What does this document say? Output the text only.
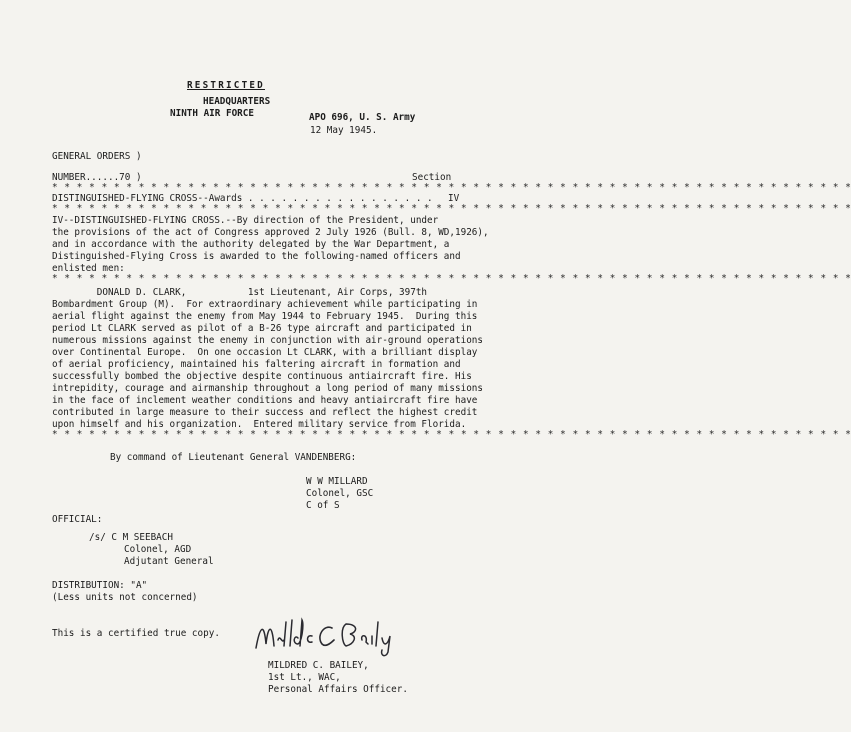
RESTRICTED
HEADQUARTERS
NINTH AIR FORCE	APO 696, U. S. Army
12 May 1945.
GENERAL ORDERS )
NUMBER......70 )	Section
* * * * * * * * * * * * * * * * * * * * * * * * * * * * * * * * * * * * * * * * * * * * * * * * * * * * * * * * * * * * * * * * *
DISTINGUISHED-FLYING CROSS--Awards . . . . . . . . . . . . . . . . . IV
* * * * * * * * * * * * * * * * * * * * * * * * * * * * * * * * * * * * * * * * * * * * * * * * * * * * * * * * * * * * * * * * *
IV--DISTINGUISHED-FLYING CROSS.--By direction of the President, under
the provisions of the act of Congress approved 2 July 1926 (Bull. 8, WD,1926),
and in accordance with the authority delegated by the War Department, a
Distinguished-Flying Cross is awarded to the following-named officers and
enlisted men:
* * * * * * * * * * * * * * * * * * * * * * * * * * * * * * * * * * * * * * * * * * * * * * * * * * * * * * * * * * * * * * * * *
DONALD D. CLARK,           1st Lieutenant, Air Corps, 397th
Bombardment Group (M).  For extraordinary achievement while participating in
aerial flight against the enemy from May 1944 to February 1945.  During this
period Lt CLARK served as pilot of a B-26 type aircraft and participated in
numerous missions against the enemy in conjunction with air-ground operations
over Continental Europe.  On one occasion Lt CLARK, with a brilliant display
of aerial proficiency, maintained his faltering aircraft in formation and
successfully bombed the objective despite continuous antiaircraft fire. His
intrepidity, courage and airmanship throughout a long period of many missions
in the face of inclement weather conditions and heavy antiaircraft fire have
contributed in large measure to their success and reflect the highest credit
upon himself and his organization.  Entered military service from Florida.
* * * * * * * * * * * * * * * * * * * * * * * * * * * * * * * * * * * * * * * * * * * * * * * * * * * * * * * * * * * * * * * * *
By command of Lieutenant General VANDENBERG:
W W MILLARD
Colonel, GSC
C of S
OFFICIAL:
/s/ C M SEEBACH
Colonel, AGD
Adjutant General
DISTRIBUTION: "A"
(Less units not concerned)
This is a certified true copy.
MILDRED C. BAILEY,
1st Lt., WAC,
Personal Affairs Officer.
